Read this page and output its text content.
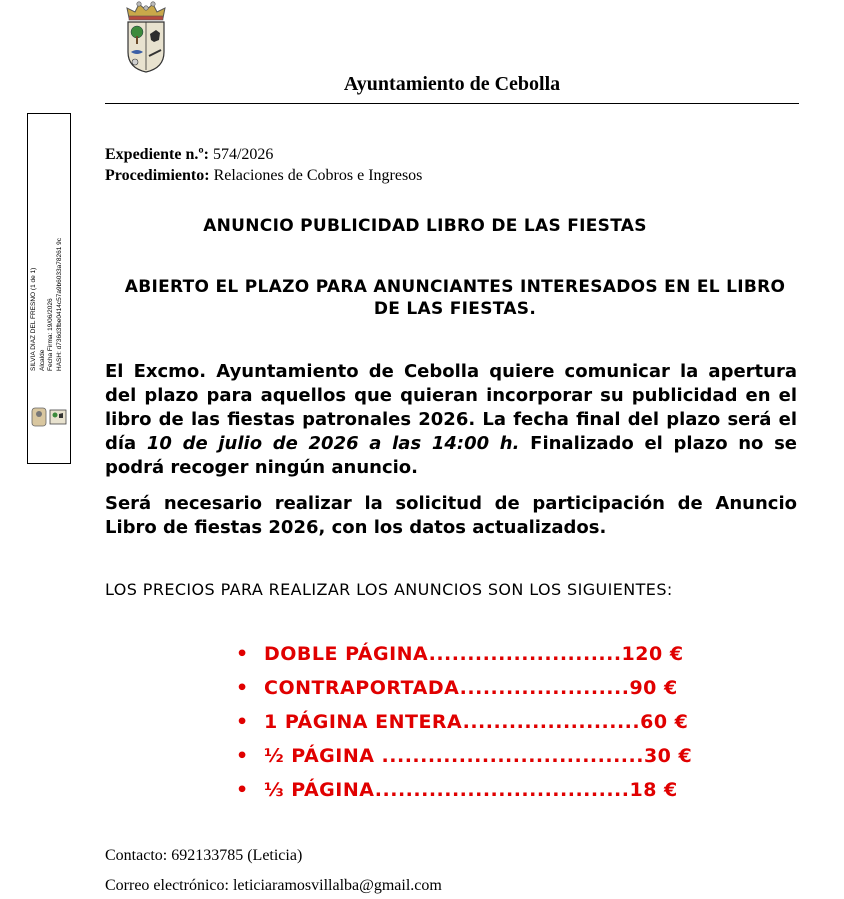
Ayuntamiento de Cebolla
SILVIA DIAZ DEL FRESNO (1 de 1) Alcalde Fecha Firma: 19/06/2026 HASH: d736d3fbe0414c57a9b6033a78261 9c
Expediente n.º: 574/2026
Procedimiento: Relaciones de Cobros e Ingresos
ANUNCIO PUBLICIDAD LIBRO DE LAS FIESTAS
ABIERTO EL PLAZO PARA ANUNCIANTES INTERESADOS EN EL LIBRO DE LAS FIESTAS.
El Excmo. Ayuntamiento de Cebolla quiere comunicar la apertura del plazo para aquellos que quieran incorporar su publicidad en el libro de las fiestas patronales 2026. La fecha final del plazo será el día 10 de julio de 2026 a las 14:00 h. Finalizado el plazo no se podrá recoger ningún anuncio.
Será necesario realizar la solicitud de participación de Anuncio Libro de fiestas 2026, con los datos actualizados.
LOS PRECIOS PARA REALIZAR LOS ANUNCIOS SON LOS SIGUIENTES:
• DOBLE PÁGINA.........................120 €
• CONTRAPORTADA......................90 €
• 1 PÁGINA ENTERA.......................60 €
• ½ PÁGINA ..................................30 €
• ⅓ PÁGINA.................................18 €
Contacto: 692133785 (Leticia)
Correo electrónico: leticiaramosvillalba@gmail.com
